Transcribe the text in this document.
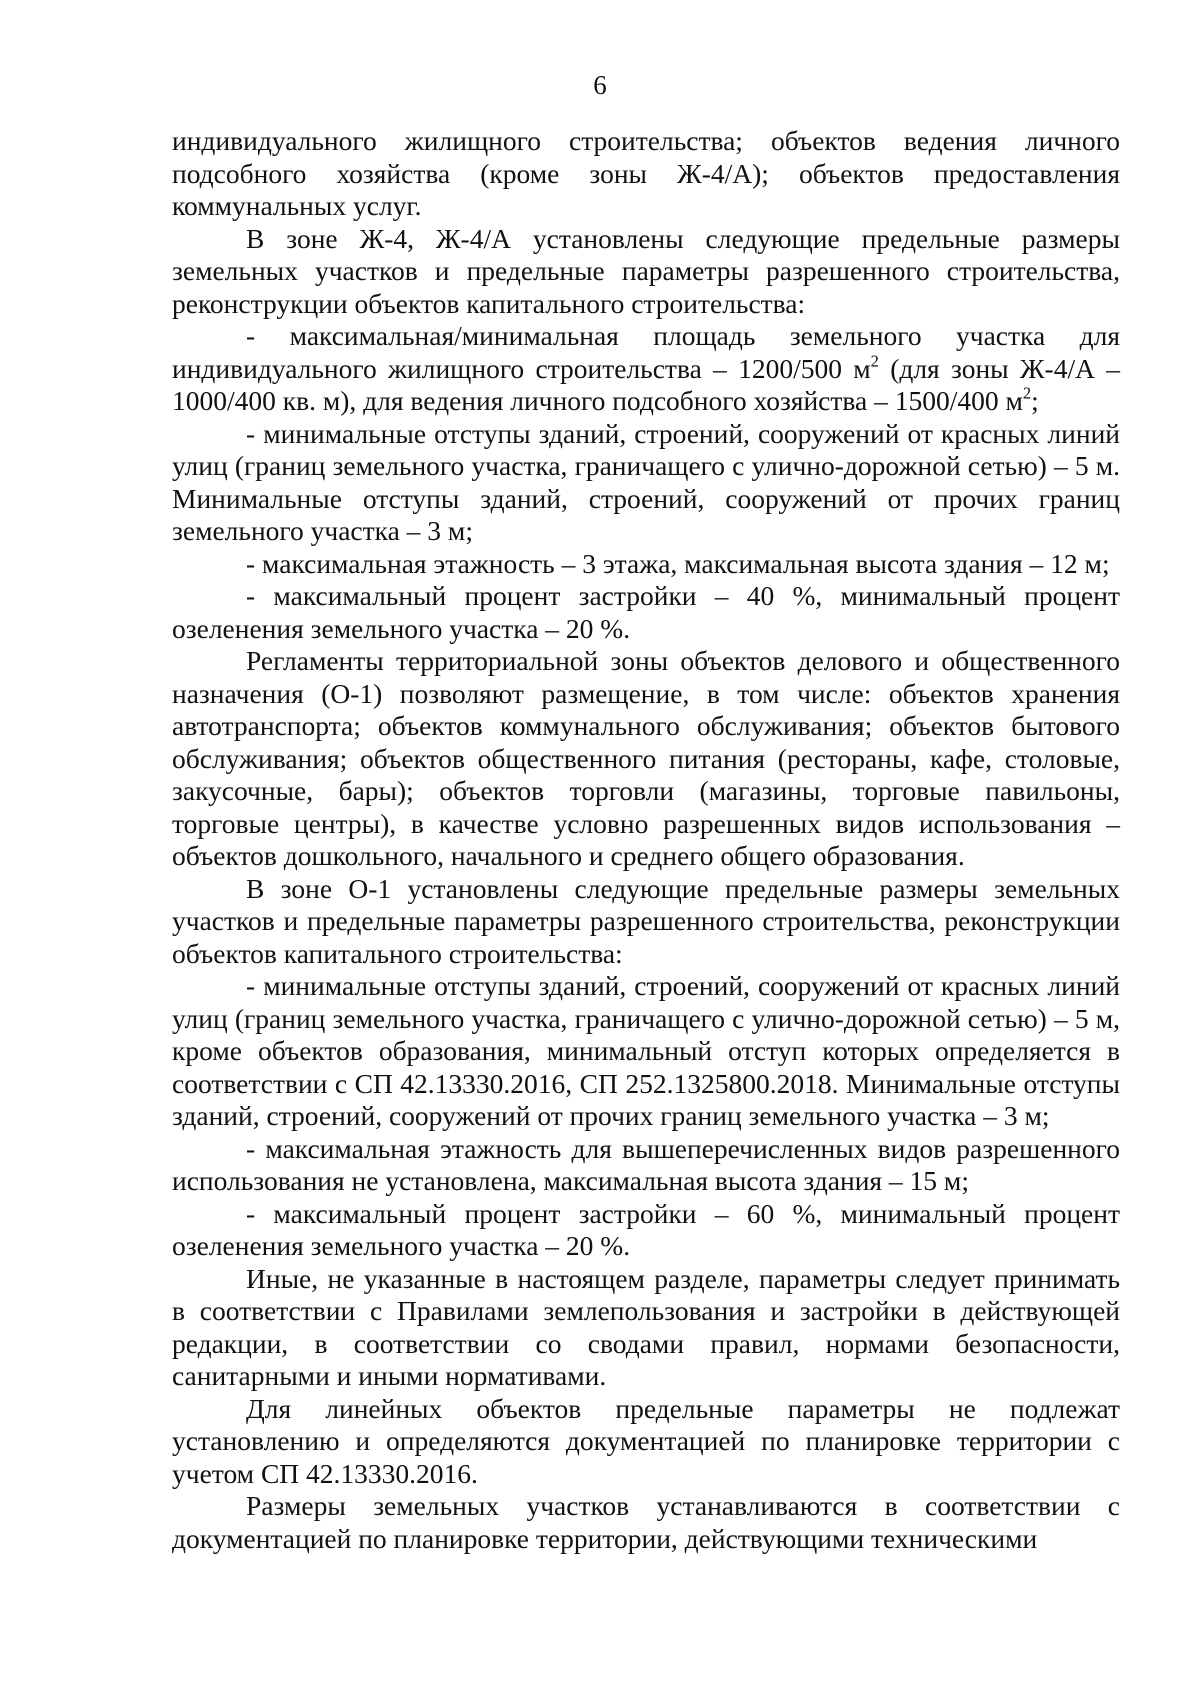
6

индивидуального жилищного строительства; объектов ведения личного подсобного хозяйства (кроме зоны Ж-4/А); объектов предоставления коммунальных услуг.

В зоне Ж-4, Ж-4/А установлены следующие предельные размеры земельных участков и предельные параметры разрешенного строительства, реконструкции объектов капитального строительства:

- максимальная/минимальная площадь земельного участка для индивидуального жилищного строительства – 1200/500 $м^2$ (для зоны Ж-4/А – 1000/400 кв. м), для ведения личного подсобного хозяйства – 1500/400 $м^2$;

- минимальные отступы зданий, строений, сооружений от красных линий улиц (границ земельного участка, граничащего с улично-дорожной сетью) – 5 м. Минимальные отступы зданий, строений, сооружений от прочих границ земельного участка – 3 м;

- максимальная этажность – 3 этажа, максимальная высота здания – 12 м;

- максимальный процент застройки – 40 %, минимальный процент озеленения земельного участка – 20 %.

Регламенты территориальной зоны объектов делового и общественного назначения (О-1) позволяют размещение, в том числе: объектов хранения автотранспорта; объектов коммунального обслуживания; объектов бытового обслуживания; объектов общественного питания (рестораны, кафе, столовые, закусочные, бары); объектов торговли (магазины, торговые павильоны, торговые центры), в качестве условно разрешенных видов использования – объектов дошкольного, начального и среднего общего образования.

В зоне О-1 установлены следующие предельные размеры земельных участков и предельные параметры разрешенного строительства, реконструкции объектов капитального строительства:

- минимальные отступы зданий, строений, сооружений от красных линий улиц (границ земельного участка, граничащего с улично-дорожной сетью) – 5 м, кроме объектов образования, минимальный отступ которых определяется в соответствии с СП 42.13330.2016, СП 252.1325800.2018. Минимальные отступы зданий, строений, сооружений от прочих границ земельного участка – 3 м;

- максимальная этажность для вышеперечисленных видов разрешенного использования не установлена, максимальная высота здания – 15 м;

- максимальный процент застройки – 60 %, минимальный процент озеленения земельного участка – 20 %.

Иные, не указанные в настоящем разделе, параметры следует принимать в соответствии с Правилами землепользования и застройки в действующей редакции, в соответствии со сводами правил, нормами безопасности, санитарными и иными нормативами.

Для линейных объектов предельные параметры не подлежат установлению и определяются документацией по планировке территории с учетом СП 42.13330.2016.

Размеры земельных участков устанавливаются в соответствии с документацией по планировке территории, действующими техническими
